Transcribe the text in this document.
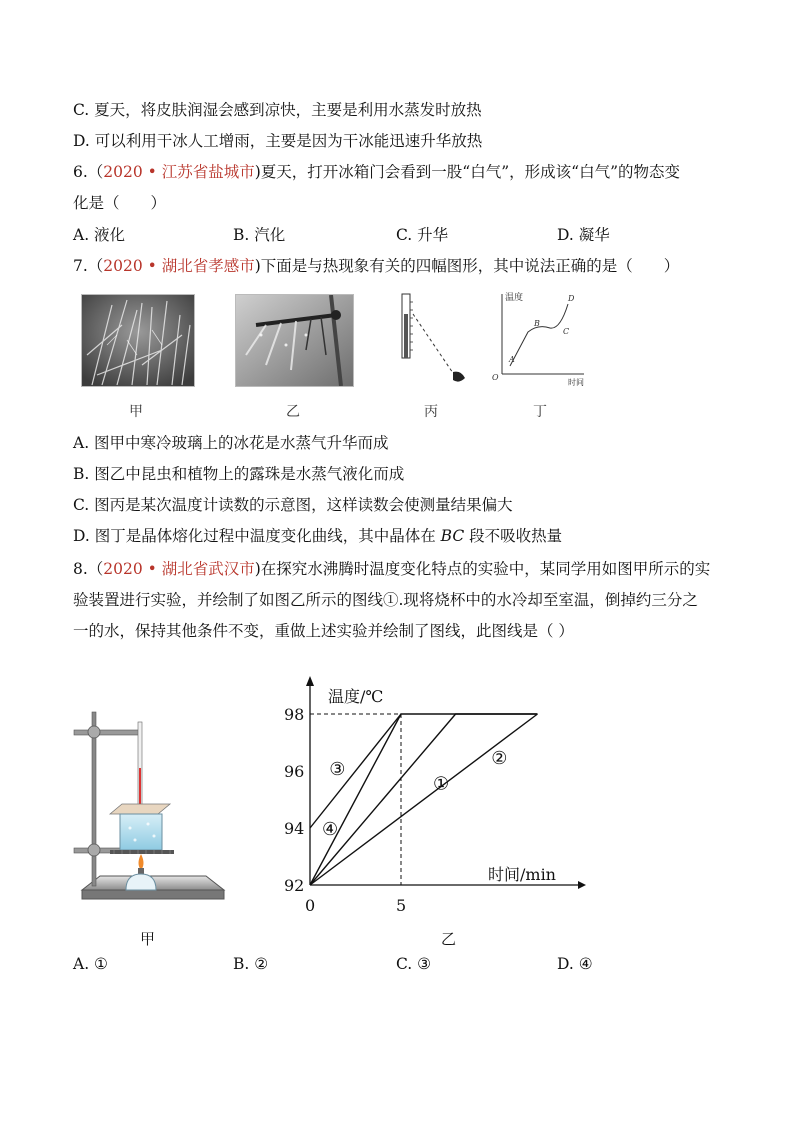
C. 夏天，将皮肤润湿会感到凉快，主要是利用水蒸发时放热
D. 可以利用干冰人工增雨，主要是因为干冰能迅速升华放热
6.（2020 • 江苏省盐城市)夏天，打开冰箱门会看到一股“白气”，形成该“白气”的物态变
化是（　　）
A. 液化	B. 汽化	C. 升华	D. 凝华
7.（2020 • 湖北省孝感市)下面是与热现象有关的四幅图形，其中说法正确的是（　　）
温度
时间
O
A
B
C
D
甲	乙	丙	丁
A. 图甲中寒冷玻璃上的冰花是水蒸气升华而成
B. 图乙中昆虫和植物上的露珠是水蒸气液化而成
C. 图丙是某次温度计读数的示意图，这样读数会使测量结果偏大
D. 图丁是晶体熔化过程中温度变化曲线，其中晶体在 BC 段不吸收热量
8.（2020 • 湖北省武汉市)在探究水沸腾时温度变化特点的实验中，某同学用如图甲所示的实
验装置进行实验，并绘制了如图乙所示的图线①.现将烧杯中的水冷却至室温，倒掉约三分之
一的水，保持其他条件不变，重做上述实验并绘制了图线，此图线是（ ）
甲
温度/℃
时间/min
92
94
96
98
0	5
①
②
③
④
乙
A. ①	B. ②	C. ③	D. ④
